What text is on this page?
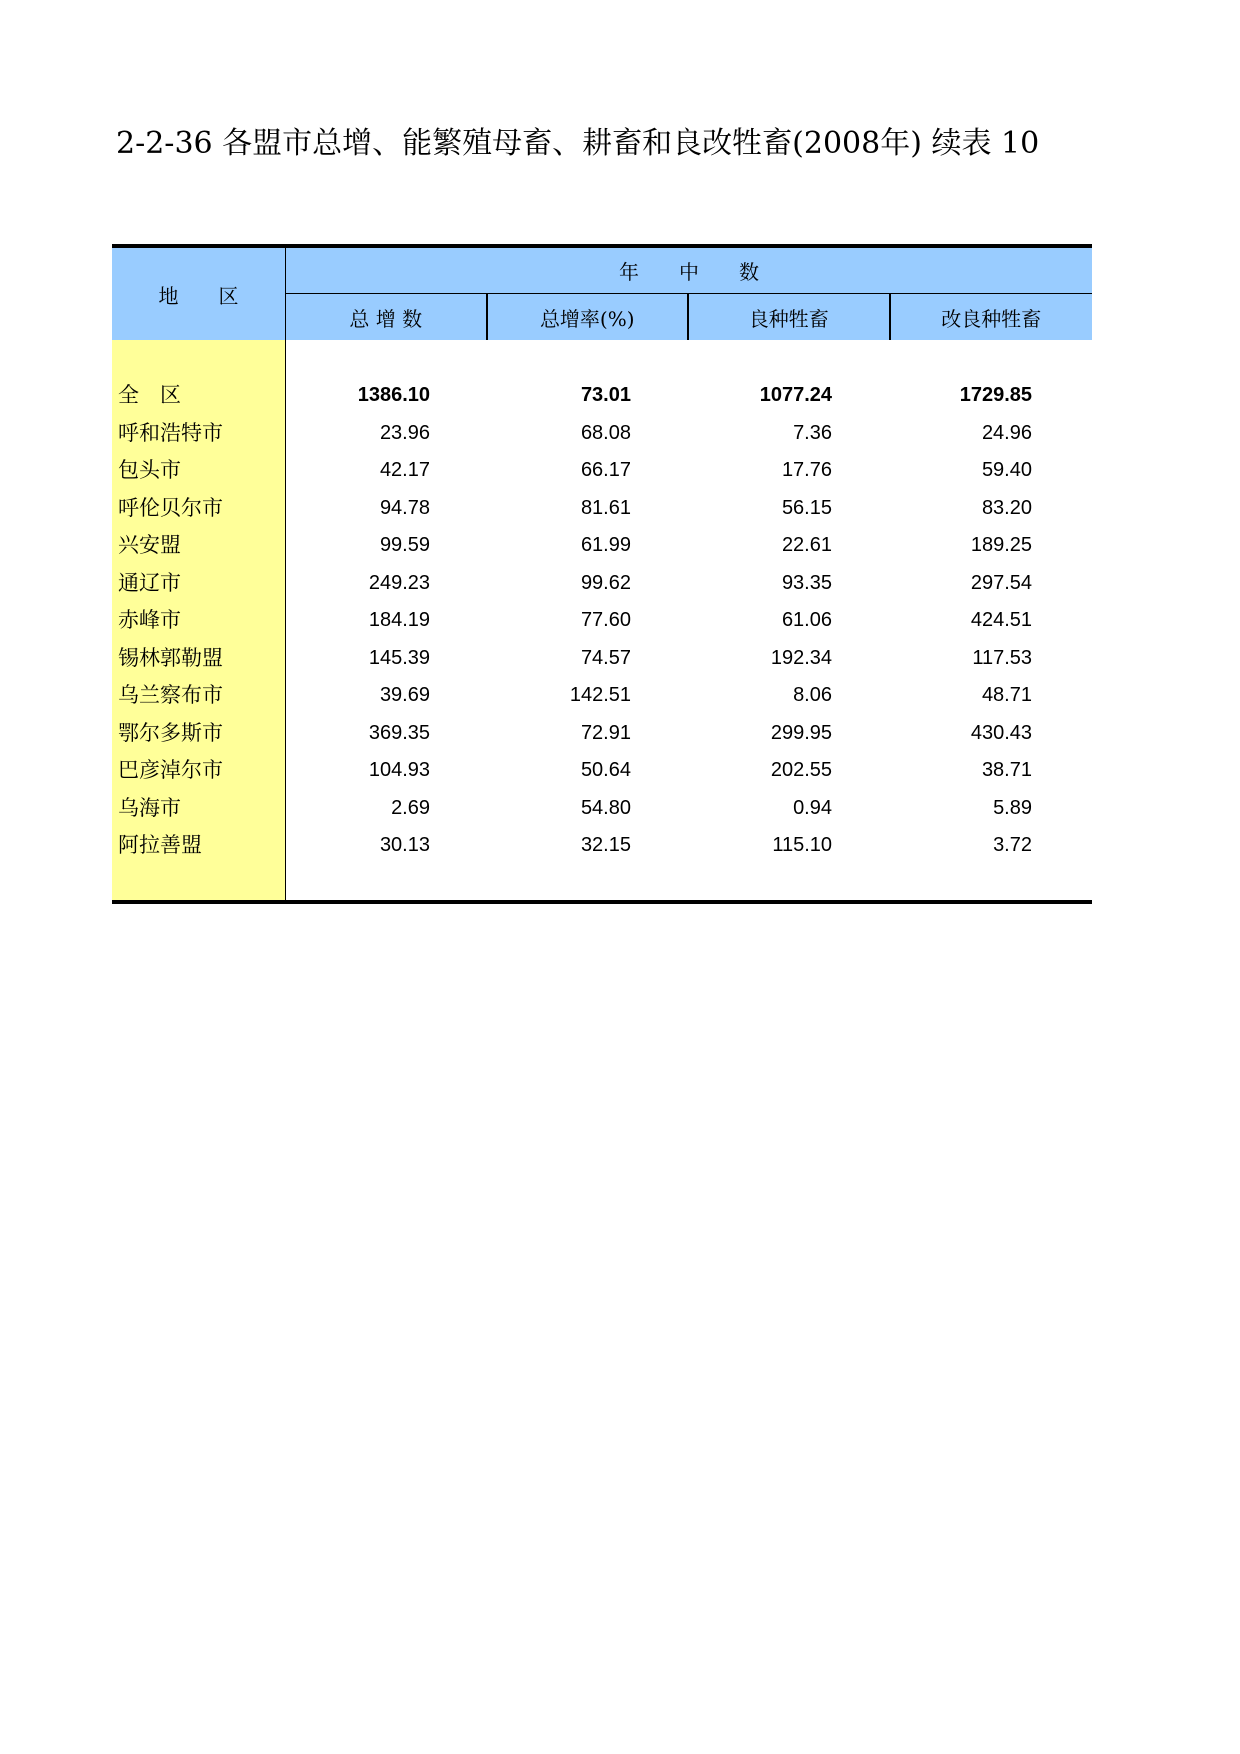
2-2-36 各盟市总增、能繁殖母畜、耕畜和良改牲畜(2008年) 续表 10
地　　区
年　　中　　数
总 增 数	总增率(%)	良种牲畜	改良种牲畜
全　区	1386.10	73.01	1077.24	1729.85
呼和浩特市	23.96	68.08	7.36	24.96
包头市	42.17	66.17	17.76	59.40
呼伦贝尔市	94.78	81.61	56.15	83.20
兴安盟	99.59	61.99	22.61	189.25
通辽市	249.23	99.62	93.35	297.54
赤峰市	184.19	77.60	61.06	424.51
锡林郭勒盟	145.39	74.57	192.34	117.53
乌兰察布市	39.69	142.51	8.06	48.71
鄂尔多斯市	369.35	72.91	299.95	430.43
巴彦淖尔市	104.93	50.64	202.55	38.71
乌海市	2.69	54.80	0.94	5.89
阿拉善盟	30.13	32.15	115.10	3.72
